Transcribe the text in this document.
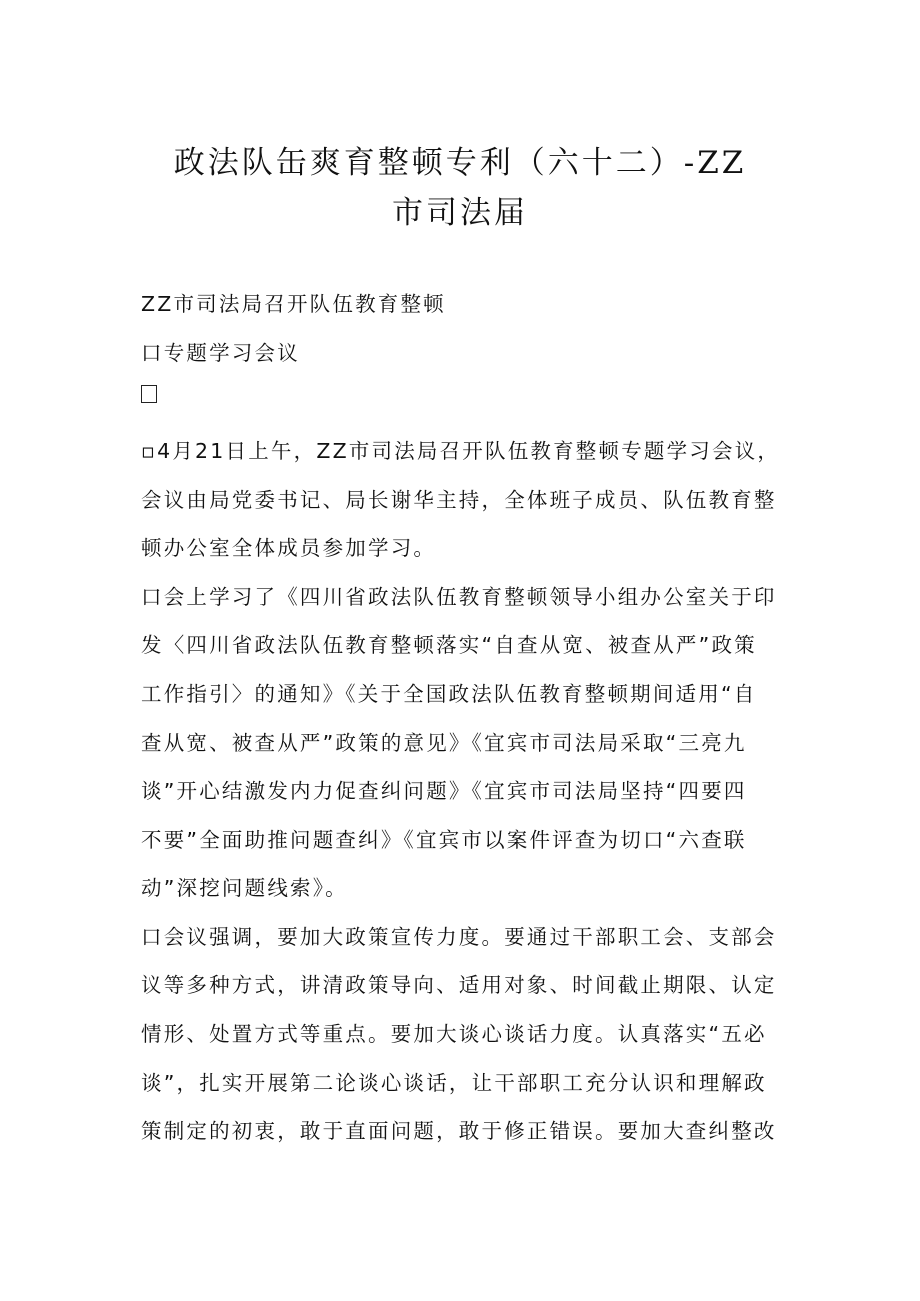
政法队缶爽育整顿专利（六十二）-ZZ
市司法届
ZZ市司法局召开队伍教育整顿
口专题学习会议
▫4月21日上午，ZZ市司法局召开队伍教育整顿专题学习会议，
会议由局党委书记、局长谢华主持，全体班子成员、队伍教育整
顿办公室全体成员参加学习。
口会上学习了《四川省政法队伍教育整顿领导小组办公室关于印
发〈四川省政法队伍教育整顿落实“自查从宽、被查从严”政策
工作指引〉的通知》《关于全国政法队伍教育整顿期间适用“自
查从宽、被查从严”政策的意见》《宜宾市司法局采取“三亮九
谈”开心结激发内力促查纠问题》《宜宾市司法局坚持“四要四
不要”全面助推问题查纠》《宜宾市以案件评查为切口“六查联
动”深挖问题线索》。
口会议强调，要加大政策宣传力度。要通过干部职工会、支部会
议等多种方式，讲清政策导向、适用对象、时间截止期限、认定
情形、处置方式等重点。要加大谈心谈话力度。认真落实“五必
谈”，扎实开展第二论谈心谈话，让干部职工充分认识和理解政
策制定的初衷，敢于直面问题，敢于修正错误。要加大查纠整改
